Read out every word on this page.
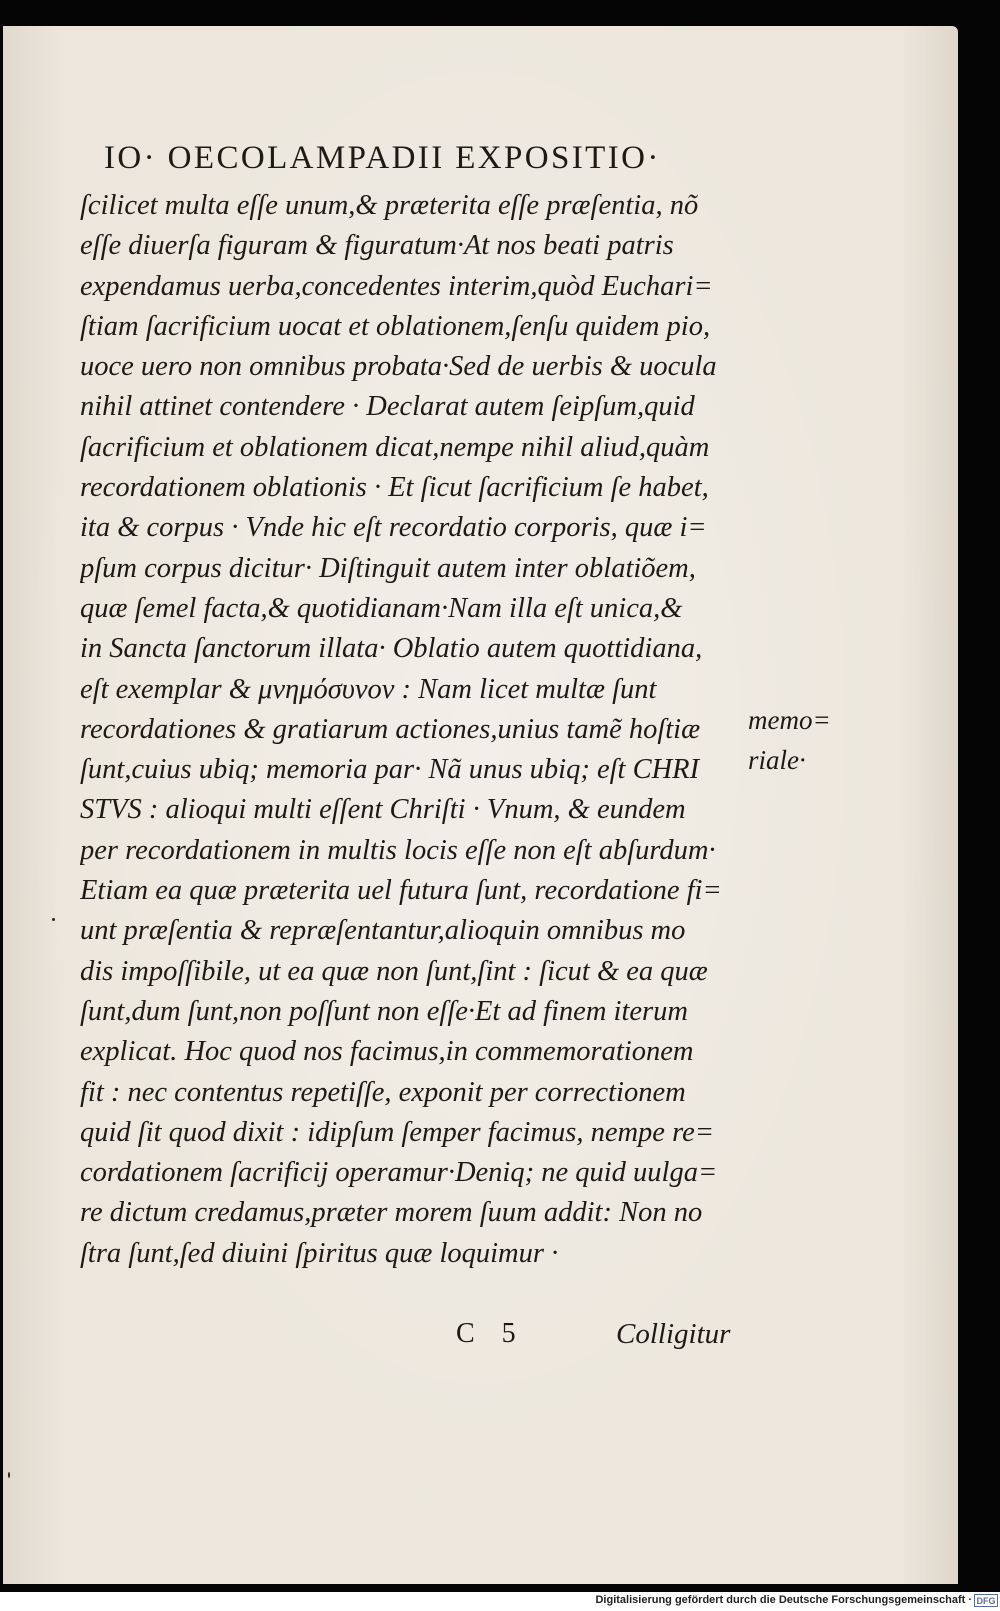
IO· OECOLAMPADII EXPOSITIO·
ſcilicet multa eſſe unum,& præterita eſſe præſentia, nõ
eſſe diuerſa figuram & figuratum·At nos beati patris
expendamus uerba,concedentes interim,quòd Euchari=
ſtiam ſacrificium uocat et oblationem,ſenſu quidem pio,
uoce uero non omnibus probata·Sed de uerbis & uocula
nihil attinet contendere · Declarat autem ſeipſum,quid
ſacrificium et oblationem dicat,nempe nihil aliud,quàm
recordationem oblationis · Et ſicut ſacrificium ſe habet,
ita & corpus · Vnde hic eſt recordatio corporis, quæ i=
pſum corpus dicitur· Diſtinguit autem inter oblatiõem,
quæ ſemel facta,& quotidianam·Nam illa eſt unica,&
in Sancta ſanctorum illata· Oblatio autem quottidiana,
eſt exemplar & μνημόσυνον : Nam licet multæ ſunt
recordationes & gratiarum actiones,unius tamẽ hoſtiæ
ſunt,cuius ubiq; memoria par· Nã unus ubiq; eſt CHRI
STVS : alioqui multi eſſent Chriſti · Vnum, & eundem
per recordationem in multis locis eſſe non eſt abſurdum·
Etiam ea quæ præterita uel futura ſunt, recordatione fi=
unt præſentia & repræſentantur,alioquin omnibus mo
dis impoſſibile, ut ea quæ non ſunt,ſint : ſicut & ea quæ
ſunt,dum ſunt,non poſſunt non eſſe·Et ad finem iterum
explicat. Hoc quod nos facimus,in commemorationem
fit : nec contentus repetiſſe, exponit per correctionem
quid ſit quod dixit : idipſum ſemper facimus, nempe re=
cordationem ſacrificij operamur·Deniq; ne quid uulga=
re dictum credamus,præter morem ſuum addit: Non no
ſtra ſunt,ſed diuini ſpiritus quæ loquimur ·
memo=
riale·
C 5	Colligitur
Digitalisierung gefördert durch die Deutsche Forschungsgemeinschaft · DFG
